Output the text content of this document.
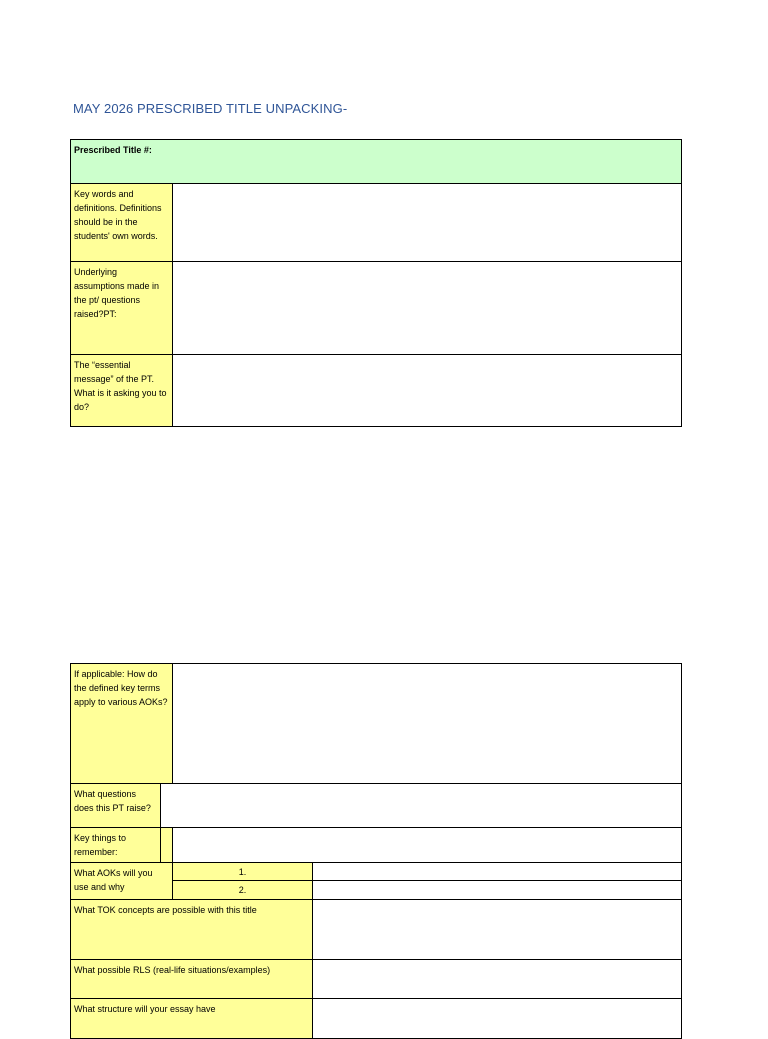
MAY 2026 PRESCRIBED TITLE UNPACKING-
Prescribed Title #:	
Key words and definitions. Definitions should be in the students' own words.	
Underlying assumptions made in the pt/ questions raised?PT:	
The “essential message” of the PT. What is it asking you to do?	
If applicable: How do the defined key terms apply to various AOKs?			
What questions does this PT raise?			
Key things to remember:			
What AOKs will you use and why		1.	
		2.	
What TOK concepts are possible with this title			
What possible RLS (real-life situations/examples)			
What structure will your essay have			
